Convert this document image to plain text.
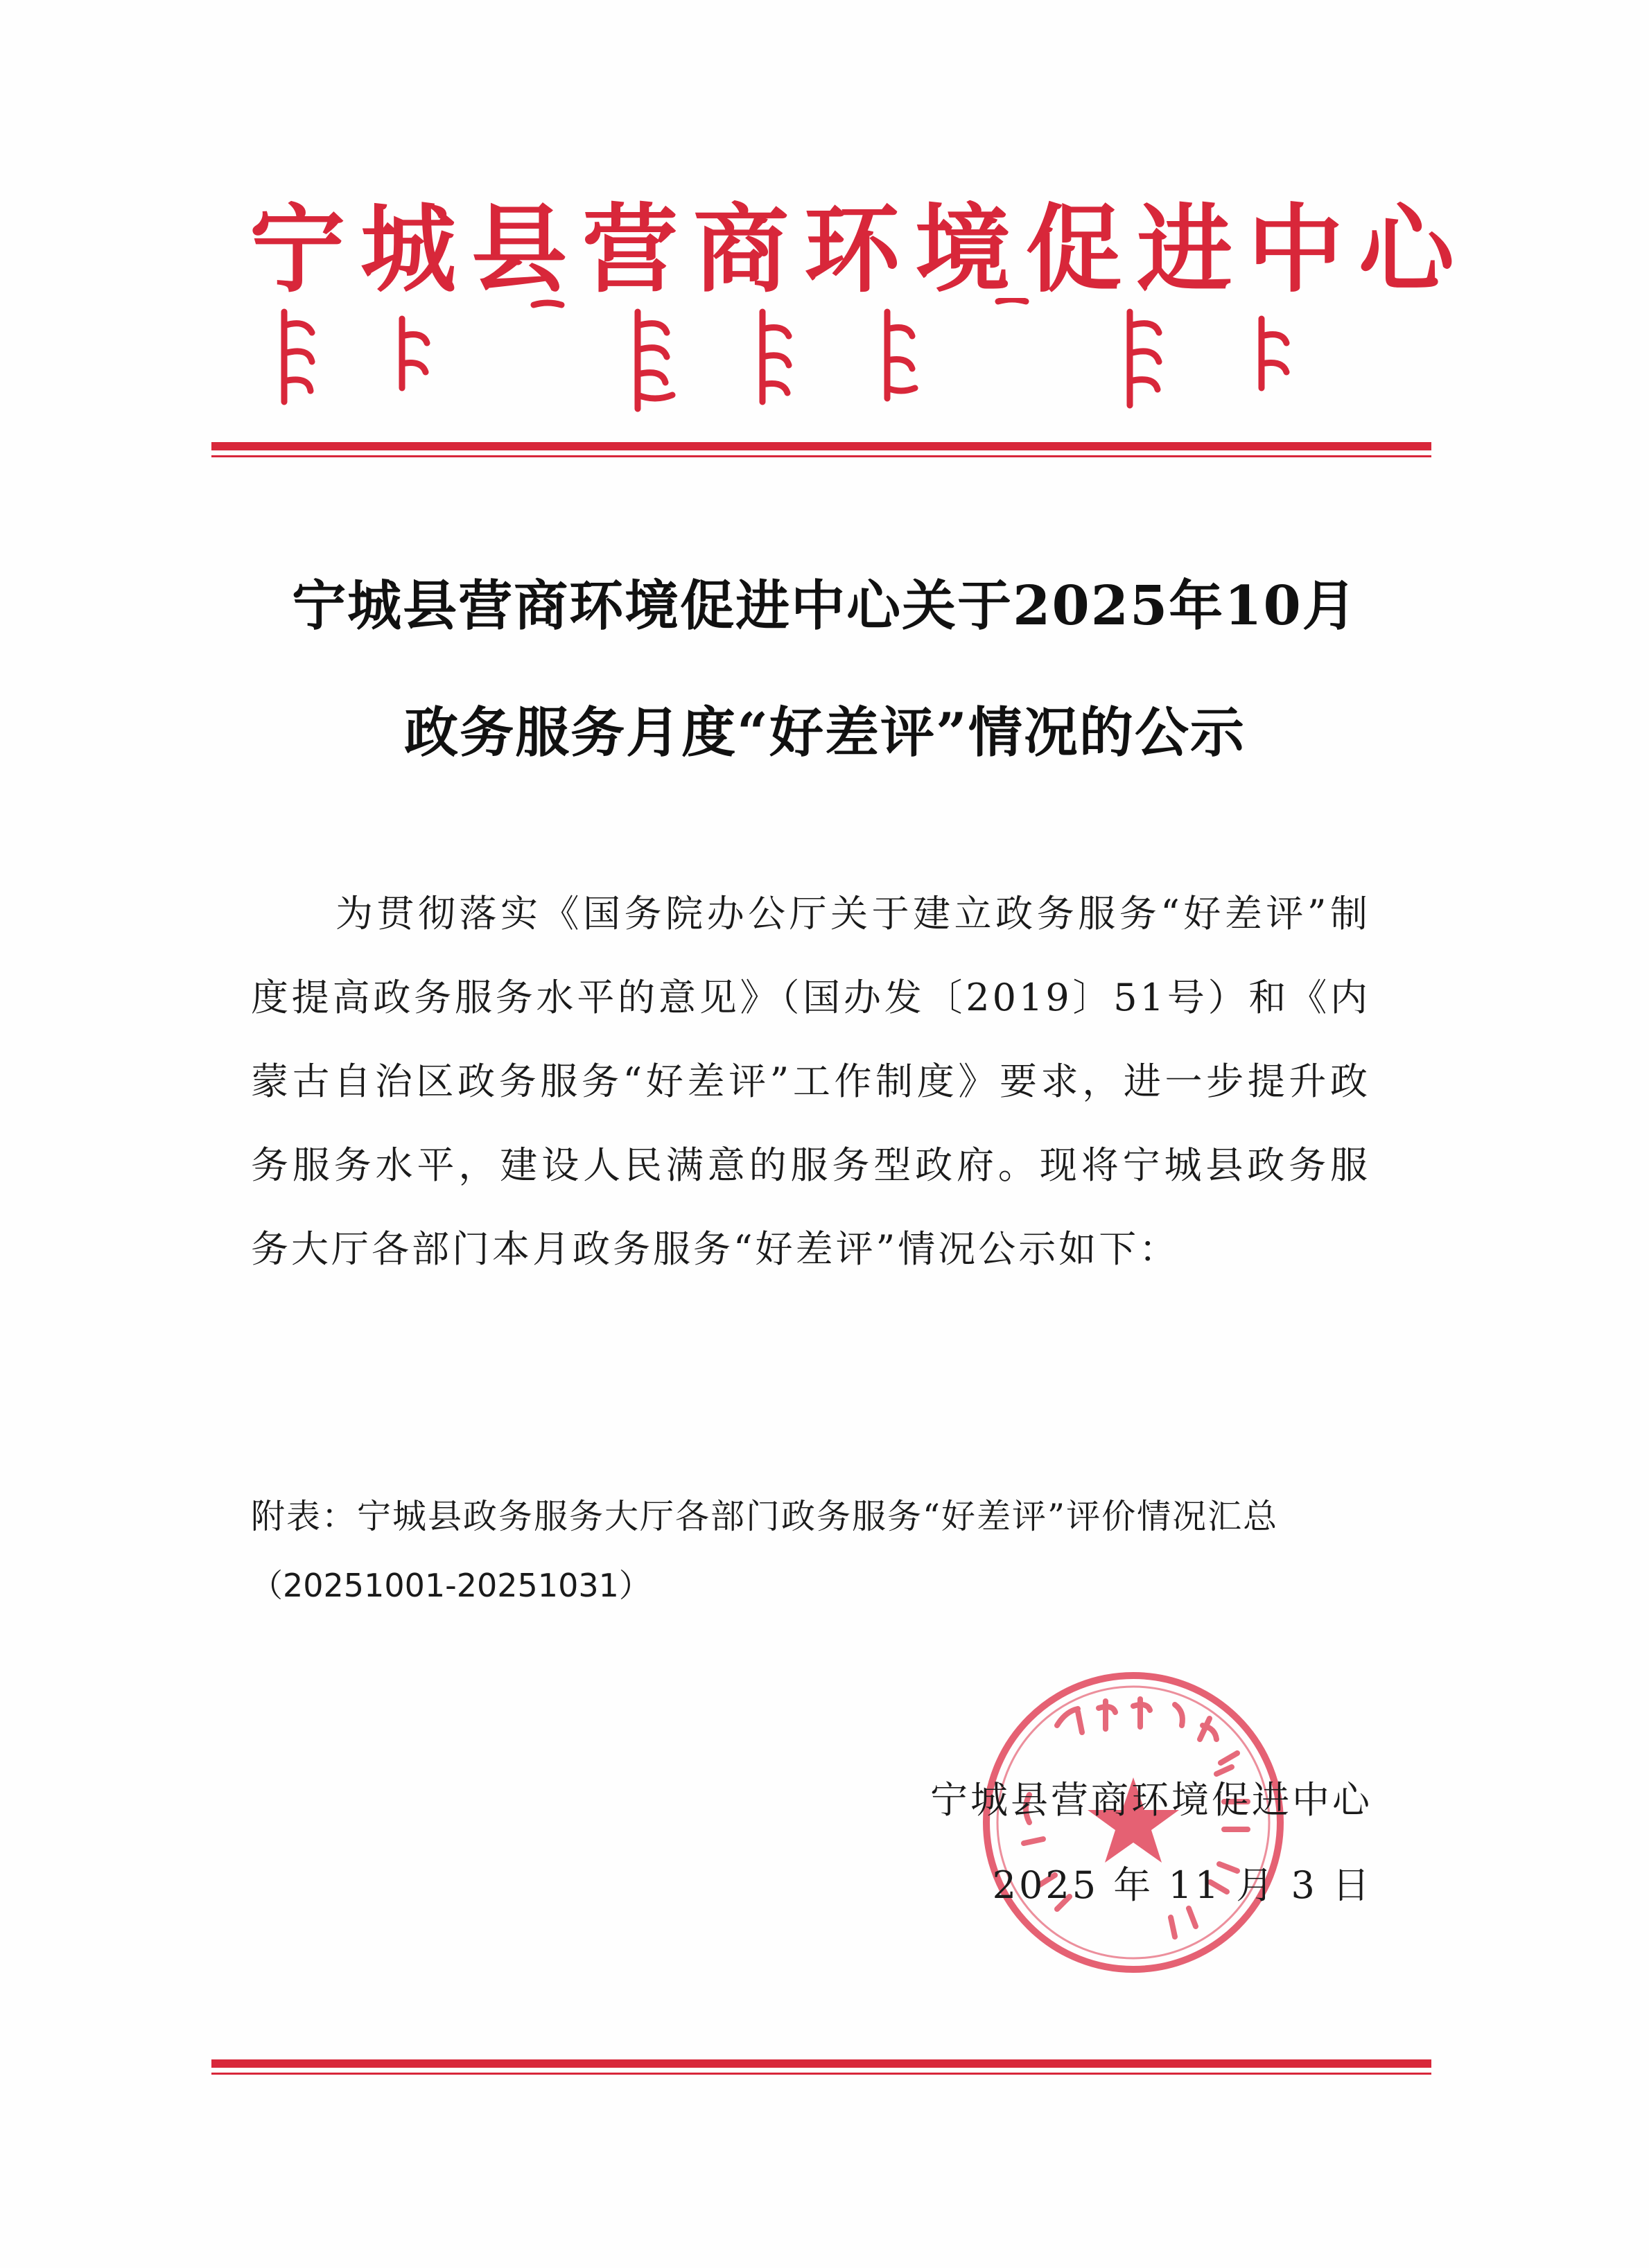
宁城县营商环境促进中心
宁城县营商环境促进中心关于2025年10月
政务服务月度“好差评”情况的公示
为贯彻落实《国务院办公厅关于建立政务服务“好差评”制度提高政务服务水平的意见》（国办发〔2019〕51号）和《内蒙古自治区政务服务“好差评”工作制度》要求，进一步提升政务服务水平，建设人民满意的服务型政府。现将宁城县政务服务大厅各部门本月政务服务“好差评”情况公示如下：
附表：宁城县政务服务大厅各部门政务服务“好差评”评价情况汇总
（20251001-20251031）
宁城县营商环境促进中心
2025 年 11 月 3 日
